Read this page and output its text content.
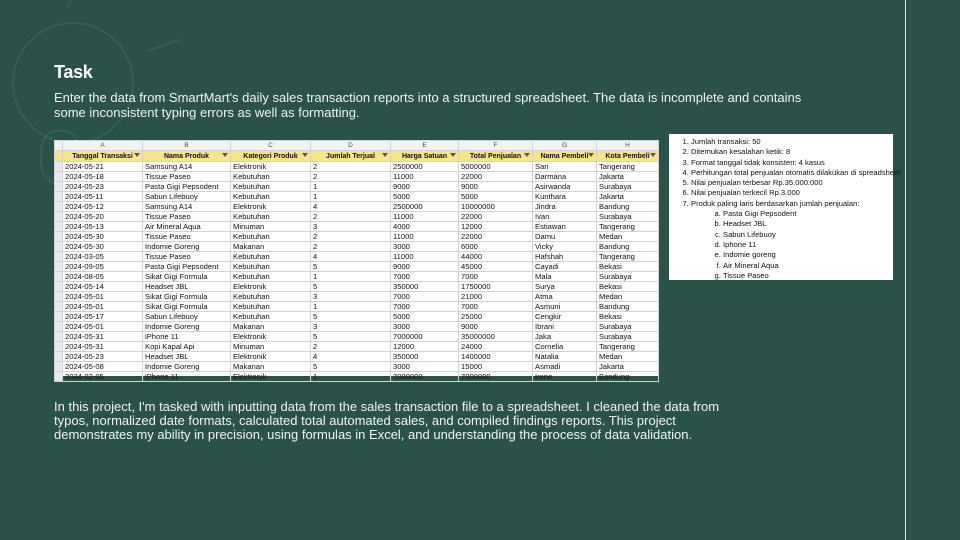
Task
Enter the data from SmartMart's daily sales transaction reports into a structured spreadsheet. The data is incomplete and contains some inconsistent typing errors as well as formatting.
	A	B	C	D	E	F	G	H
	Tanggal Transaksi	Nama Produk	Kategori Produk	Jumlah Terjual	Harga Satuan	Total Penjualan	Nama Pembeli	Kota Pembeli

	2024-05-21	Samsung A14	Elektronik	2	2500000	5000000	Sari	Tangerang
	2024-05-18	Tissue Paseo	Kebutuhan	2	11000	22000	Darmana	Jakarta
	2024-05-23	Pasta Gigi Pepsodent	Kebutuhan	1	9000	9000	Asirwanda	Surabaya
	2024-05-11	Sabun Lifebuoy	Kebutuhan	1	5000	5000	Kunthara	Jakarta
	2024-05-12	Samsung A14	Elektronik	4	2500000	10000000	Jindra	Bandung
	2024-05-20	Tissue Paseo	Kebutuhan	2	11000	22000	Ivan	Surabaya
	2024-05-13	Air Mineral Aqua	Minuman	3	4000	12000	Estiawan	Tangerang
	2024-05-30	Tissue Paseo	Kebutuhan	2	11000	22000	Damu	Medan
	2024-05-30	Indomie Goreng	Makanan	2	3000	6000	Vicky	Bandung
	2024-03-05	Tissue Paseo	Kebutuhan	4	11000	44000	Hafshah	Tangerang
	2024-09-05	Pasta Gigi Pepsodent	Kebutuhan	5	9000	45000	Cayadi	Bekasi
	2024-08-05	Sikat Gigi Formula	Kebutuhan	1	7000	7000	Mala	Surabaya
	2024-05-14	Headset JBL	Elektronik	5	350000	1750000	Surya	Bekasi
	2024-05-01	Sikat Gigi Formula	Kebutuhan	3	7000	21000	Atma	Medan
	2024-05-01	Sikat Gigi Formula	Kebutuhan	1	7000	7000	Asmuni	Bandung
	2024-05-17	Sabun Lifebuoy	Kebutuhan	5	5000	25000	Cengkir	Bekasi
	2024-05-01	Indomie Goreng	Makanan	3	3000	9000	Ibrani	Surabaya
	2024-05-31	iPhone 11	Elektronik	5	7000000	35000000	Jaka	Surabaya
	2024-05-31	Kopi Kapal Api	Minuman	2	12000	24000	Cornelia	Tangerang
	2024-05-23	Headset JBL	Elektronik	4	350000	1400000	Natalia	Medan
	2024-05-08	Indomie Goreng	Makanan	5	3000	15000	Asmadi	Jakarta
	2024-02-05	iPhone 11	Elektronik	1	7000000	7000000	Irene	Bandung
1. Jumlah transaksi: 50
2. Ditemukan kesalahan ketik: 8
3. Format tanggal tidak konsisten: 4 kasus
4. Perhitungan total penjualan otomatis dilakukan di spreadsheet
5. Nilai penjualan terbesar Rp.35.000.000
6. Nilai penjualan terkecil Rp.3.000
7. Produk paling laris berdasarkan jumlah penjualan:
a. Pasta Gigi Pepsodent
b. Headset JBL
c. Sabun Lifebuoy
d. Iphone 11
e. Indomie goreng
f. Air Mineral Aqua
g. Tissue Paseo
In this project, I'm tasked with inputting data from the sales transaction file to a spreadsheet. I cleaned the data from typos, normalized date formats, calculated total automated sales, and compiled findings reports. This project demonstrates my ability in precision, using formulas in Excel, and understanding the process of data validation.
